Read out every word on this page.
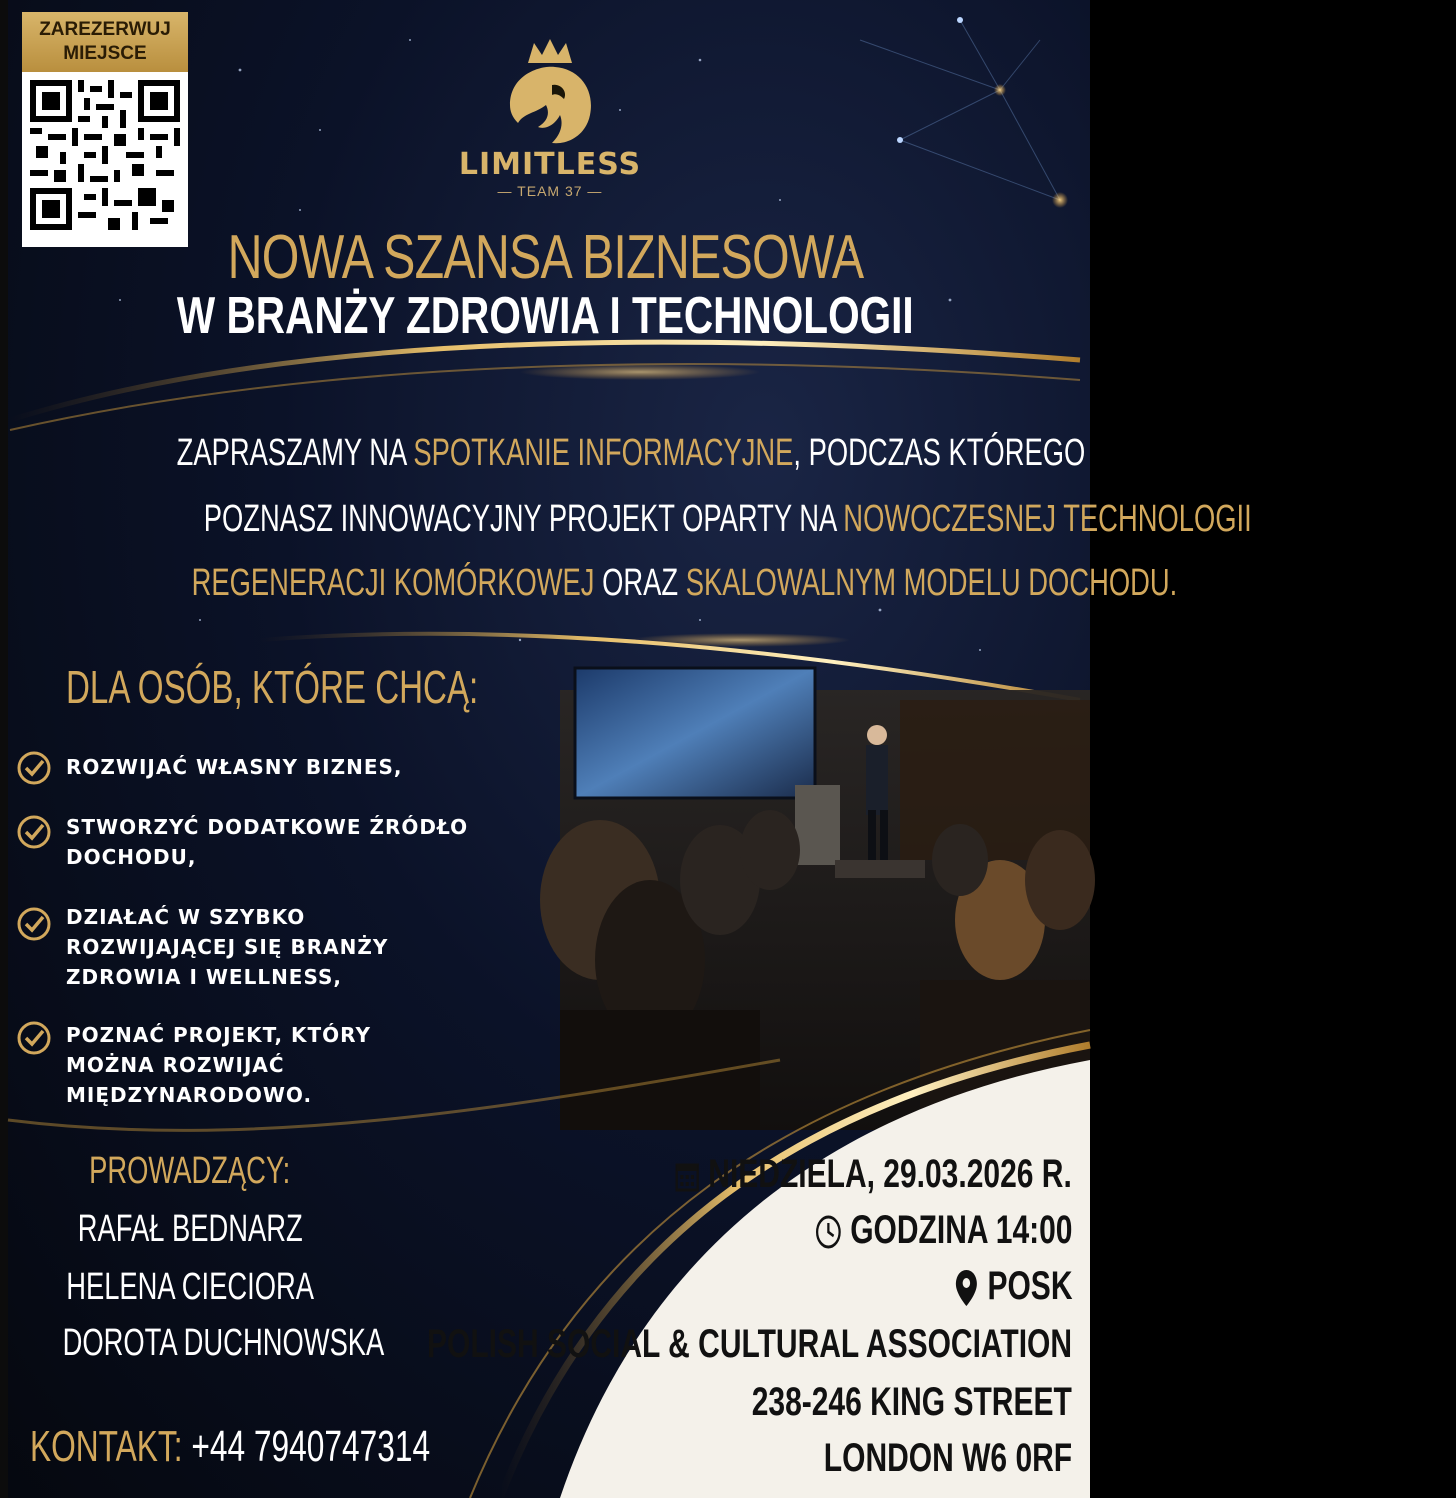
ZAREZERWUJ
MIEJSCE
LIMITLESS
— TEAM 37 —
NOWA SZANSA BIZNESOWA
W BRANŻY ZDROWIA I TECHNOLOGII
ZAPRASZAMY NA SPOTKANIE INFORMACYJNE, PODCZAS KTÓREGO
POZNASZ INNOWACYJNY PROJEKT OPARTY NA NOWOCZESNEJ TECHNOLOGII
REGENERACJI KOMÓRKOWEJ ORAZ SKALOWALNYM MODELU DOCHODU.
DLA OSÓB, KTÓRE CHCĄ:
ROZWIJAĆ WŁASNY BIZNES,
STWORZYĆ DODATKOWE ŹRÓDŁO
DOCHODU,
DZIAŁAĆ W SZYBKO
ROZWIJAJĄCEJ SIĘ BRANŻY
ZDROWIA I WELLNESS,
POZNAĆ PROJEKT, KTÓRY
MOŻNA ROZWIJAĆ
MIĘDZYNARODOWO.
PROWADZĄCY:
RAFAŁ BEDNARZ
HELENA CIECIORA
DOROTA DUCHNOWSKA
KONTAKT: +44 7940747314
NIEDZIELA, 29.03.2026 R.
GODZINA 14:00
POSK
POLISH SOCIAL & CULTURAL ASSOCIATION
238-246 KING STREET
LONDON W6 0RF
